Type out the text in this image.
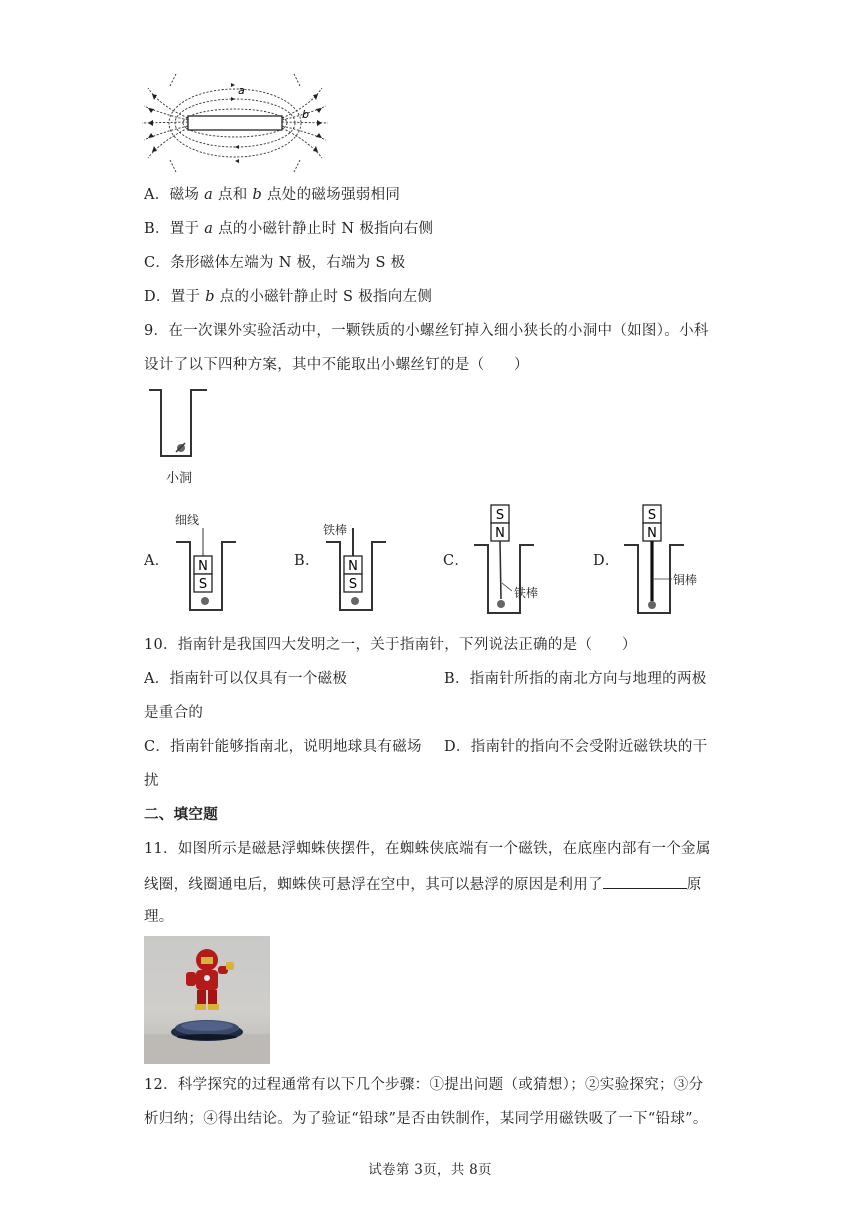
a
b
A．磁场 a 点和 b 点处的磁场强弱相同
B．置于 a 点的小磁针静止时 N 极指向右侧
C．条形磁体左端为 N 极，右端为 S 极
D．置于 b 点的小磁针静止时 S 极指向左侧
9．在一次课外实验活动中，一颗铁质的小螺丝钉掉入细小狭长的小洞中（如图）。小科
设计了以下四种方案，其中不能取出小螺丝钉的是（　　）
小洞
A．	B．	C．	D．
N
S
细线
N
S
铁棒
S
N
铁棒
S
N
铜棒
10．指南针是我国四大发明之一，关于指南针，下列说法正确的是（　　）
A．指南针可以仅具有一个磁极	B．指南针所指的南北方向与地理的两极
是重合的
C．指南针能够指南北，说明地球具有磁场 D．指南针的指向不会受附近磁铁块的干
扰
二、填空题
11．如图所示是磁悬浮蜘蛛侠摆件，在蜘蛛侠底端有一个磁铁，在底座内部有一个金属
线圈，线圈通电后，蜘蛛侠可悬浮在空中，其可以悬浮的原因是利用了	原
理。
12．科学探究的过程通常有以下几个步骤：①提出问题（或猜想）；②实验探究；③分
析归纳；④得出结论。为了验证“铅球”是否由铁制作，某同学用磁铁吸了一下“铅球”。
试卷第 3页，共 8页
